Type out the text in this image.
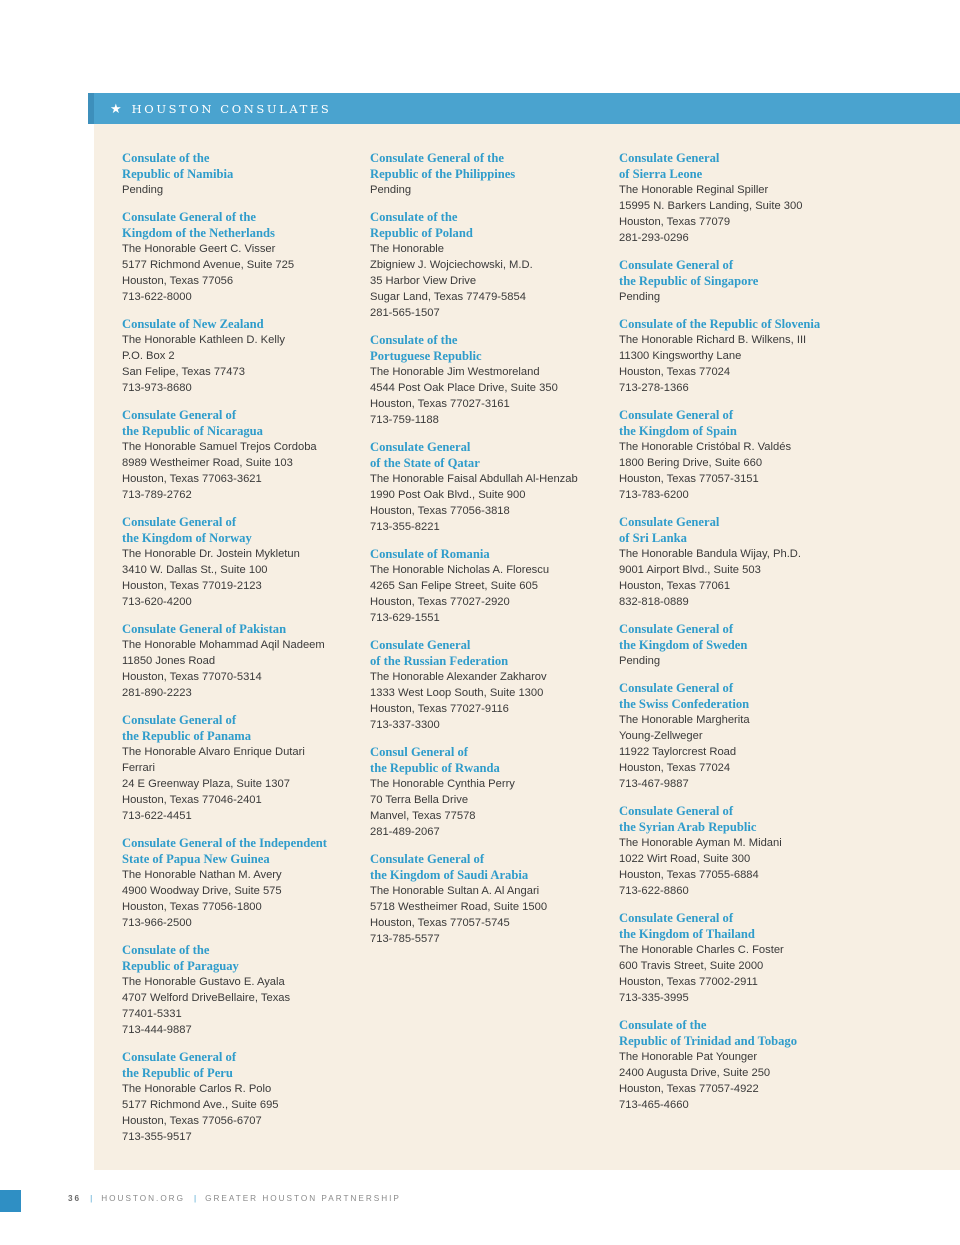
★ HOUSTON CONSULATES
Consulate of the
Republic of Namibia
Pending
Consulate General of the
Kingdom of the Netherlands
The Honorable Geert C. Visser
5177 Richmond Avenue, Suite 725
Houston, Texas 77056
713-622-8000
Consulate of New Zealand
The Honorable Kathleen D. Kelly
P.O. Box 2
San Felipe, Texas 77473
713-973-8680
Consulate General of
the Republic of Nicaragua
The Honorable Samuel Trejos Cordoba
8989 Westheimer Road, Suite 103
Houston, Texas 77063-3621
713-789-2762
Consulate General of
the Kingdom of Norway
The Honorable Dr. Jostein Mykletun
3410 W. Dallas St., Suite 100
Houston, Texas 77019-2123
713-620-4200
Consulate General of Pakistan
The Honorable Mohammad Aqil Nadeem
11850 Jones Road
Houston, Texas 77070-5314
281-890-2223
Consulate General of
the Republic of Panama
The Honorable Alvaro Enrique Dutari
Ferrari
24 E Greenway Plaza, Suite 1307
Houston, Texas 77046-2401
713-622-4451
Consulate General of the Independent
State of Papua New Guinea
The Honorable Nathan M. Avery
4900 Woodway Drive, Suite 575
Houston, Texas 77056-1800
713-966-2500
Consulate of the
Republic of Paraguay
The Honorable Gustavo E. Ayala
4707 Welford DriveBellaire, Texas
77401-5331
713-444-9887
Consulate General of
the Republic of Peru
The Honorable Carlos R. Polo
5177 Richmond Ave., Suite 695
Houston, Texas 77056-6707
713-355-9517
Consulate General of the
Republic of the Philippines
Pending
Consulate of the
Republic of Poland
The Honorable
Zbigniew J. Wojciechowski, M.D.
35 Harbor View Drive
Sugar Land, Texas 77479-5854
281-565-1507
Consulate of the
Portuguese Republic
The Honorable Jim Westmoreland
4544 Post Oak Place Drive, Suite 350
Houston, Texas 77027-3161
713-759-1188
Consulate General
of the State of Qatar
The Honorable Faisal Abdullah Al-Henzab
1990 Post Oak Blvd., Suite 900
Houston, Texas 77056-3818
713-355-8221
Consulate of Romania
The Honorable Nicholas A. Florescu
4265 San Felipe Street, Suite 605
Houston, Texas 77027-2920
713-629-1551
Consulate General
of the Russian Federation
The Honorable Alexander Zakharov
1333 West Loop South, Suite 1300
Houston, Texas 77027-9116
713-337-3300
Consul General of
the Republic of Rwanda
The Honorable Cynthia Perry
70 Terra Bella Drive
Manvel, Texas 77578
281-489-2067
Consulate General of
the Kingdom of Saudi Arabia
The Honorable Sultan A. Al Angari
5718 Westheimer Road, Suite 1500
Houston, Texas 77057-5745
713-785-5577
Consulate General
of Sierra Leone
The Honorable Reginal Spiller
15995 N. Barkers Landing, Suite 300
Houston, Texas 77079
281-293-0296
Consulate General of
the Republic of Singapore
Pending
Consulate of the Republic of Slovenia
The Honorable Richard B. Wilkens, III
11300 Kingsworthy Lane
Houston, Texas 77024
713-278-1366
Consulate General of
the Kingdom of Spain
The Honorable Cristóbal R. Valdés
1800 Bering Drive, Suite 660
Houston, Texas 77057-3151
713-783-6200
Consulate General
of Sri Lanka
The Honorable Bandula Wijay, Ph.D.
9001 Airport Blvd., Suite 503
Houston, Texas 77061
832-818-0889
Consulate General of
the Kingdom of Sweden
Pending
Consulate General of
the Swiss Confederation
The Honorable Margherita
Young-Zellweger
11922 Taylorcrest Road
Houston, Texas 77024
713-467-9887
Consulate General of
the Syrian Arab Republic
The Honorable Ayman M. Midani
1022 Wirt Road, Suite 300
Houston, Texas 77055-6884
713-622-8860
Consulate General of
the Kingdom of Thailand
The Honorable Charles C. Foster
600 Travis Street, Suite 2000
Houston, Texas 77002-2911
713-335-3995
Consulate of the
Republic of Trinidad and Tobago
The Honorable Pat Younger
2400 Augusta Drive, Suite 250
Houston, Texas 77057-4922
713-465-4660
36 | HOUSTON.ORG | GREATER HOUSTON PARTNERSHIP
